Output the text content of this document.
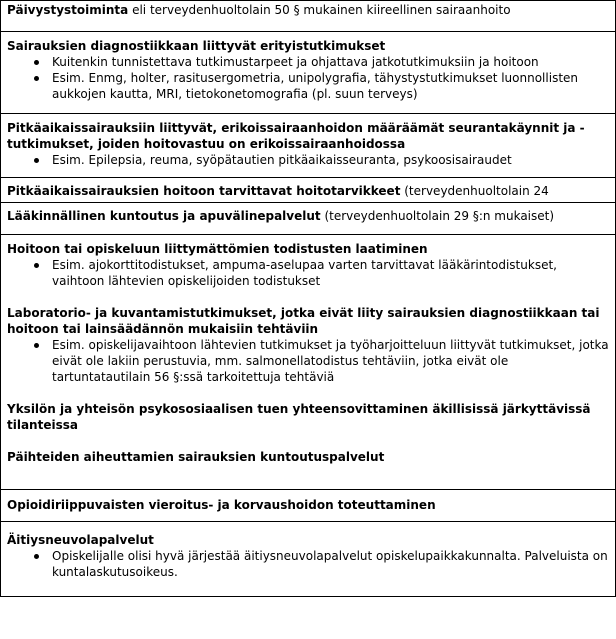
Päivystystoiminta eli terveydenhuoltolain 50 § mukainen kiireellinen sairaanhoito
Sairauksien diagnostiikkaan liittyvät erityistutkimukset
Kuitenkin tunnistettava tutkimustarpeet ja ohjattava jatkotutkimuksiin ja hoitoon
Esim. Enmg, holter, rasitusergometria, unipolygrafia, tähystystutkimukset luonnollisten aukkojen kautta, MRI, tietokonetomografia (pl. suun terveys)
Pitkäaikaissairauksiin liittyvät, erikoissairaanhoidon määräämät seurantakäynnit ja -tutkimukset, joiden hoitovastuu on erikoissairaanhoidossa
Esim. Epilepsia, reuma, syöpätautien pitkäaikaisseuranta, psykoosisairaudet
Pitkäaikaissairauksien hoitoon tarvittavat hoitotarvikkeet (terveydenhuoltolain 24
Lääkinnällinen kuntoutus ja apuvälinepalvelut (terveydenhuoltolain 29 §:n mukaiset)
Hoitoon tai opiskeluun liittymättömien todistusten laatiminen
Esim. ajokorttitodistukset, ampuma-aselupaa varten tarvittavat lääkärintodistukset, vaihtoon lähtevien opiskelijoiden todistukset
Laboratorio- ja kuvantamistutkimukset, jotka eivät liity sairauksien diagnostiikkaan tai hoitoon tai lainsäädännön mukaisiin tehtäviin
Esim. opiskelijavaihtoon lähtevien tutkimukset ja työharjoitteluun liittyvät tutkimukset, jotka eivät ole lakiin perustuvia, mm. salmonellatodistus tehtäviin, jotka eivät ole tartuntatautilain 56 §:ssä tarkoitettuja tehtäviä
Yksilön ja yhteisön psykososiaalisen tuen yhteensovittaminen äkillisissä järkyttävissä tilanteissa
Päihteiden aiheuttamien sairauksien kuntoutuspalvelut
Opioidiriippuvaisten vieroitus- ja korvaushoidon toteuttaminen
Äitiysneuvolapalvelut
Opiskelijalle olisi hyvä järjestää äitiysneuvolapalvelut opiskelupaikkakunnalta. Palveluista on kuntalaskutusoikeus.
